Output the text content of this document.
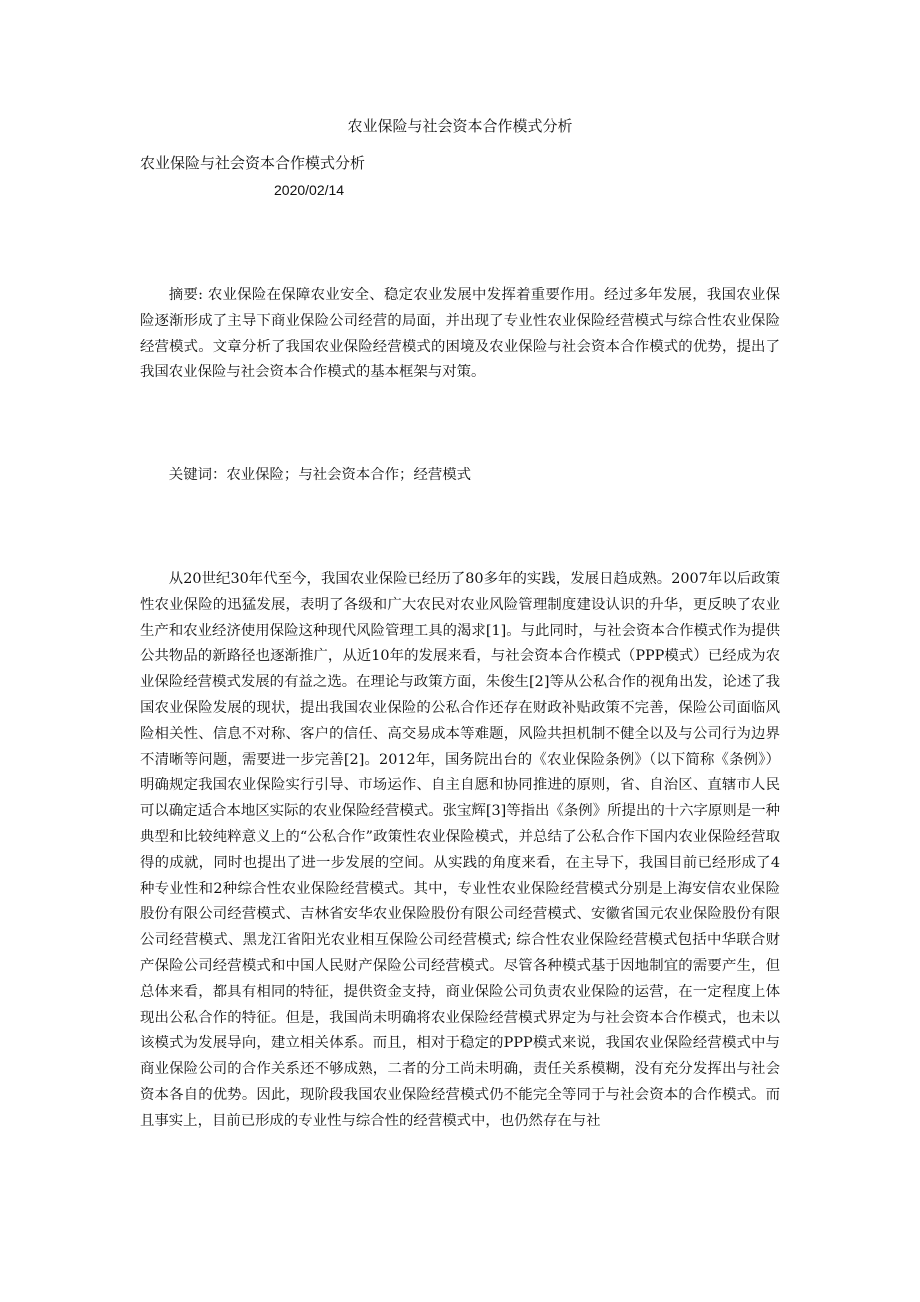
农业保险与社会资本合作模式分析
农业保险与社会资本合作模式分析
2020/02/14

摘要: 农业保险在保障农业安全、稳定农业发展中发挥着重要作用。经过多年发展，我国农业保险逐渐形成了主导下商业保险公司经营的局面，并出现了专业性农业保险经营模式与综合性农业保险经营模式。文章分析了我国农业保险经营模式的困境及农业保险与社会资本合作模式的优势，提出了我国农业保险与社会资本合作模式的基本框架与对策。

关键词：农业保险；与社会资本合作；经营模式

从20世纪30年代至今，我国农业保险已经历了80多年的实践，发展日趋成熟。2007年以后政策性农业保险的迅猛发展，表明了各级和广大农民对农业风险管理制度建设认识的升华，更反映了农业生产和农业经济使用保险这种现代风险管理工具的渴求[1]。与此同时，与社会资本合作模式作为提供公共物品的新路径也逐渐推广，从近10年的发展来看，与社会资本合作模式（PPP模式）已经成为农业保险经营模式发展的有益之选。在理论与政策方面，朱俊生[2]等从公私合作的视角出发，论述了我国农业保险发展的现状，提出我国农业保险的公私合作还存在财政补贴政策不完善，保险公司面临风险相关性、信息不对称、客户的信任、高交易成本等难题，风险共担机制不健全以及与公司行为边界不清晰等问题，需要进一步完善[2]。2012年，国务院出台的《农业保险条例》（以下简称《条例》）明确规定我国农业保险实行引导、市场运作、自主自愿和协同推进的原则，省、自治区、直辖市人民可以确定适合本地区实际的农业保险经营模式。张宝辉[3]等指出《条例》所提出的十六字原则是一种典型和比较纯粹意义上的“公私合作”政策性农业保险模式，并总结了公私合作下国内农业保险经营取得的成就，同时也提出了进一步发展的空间。从实践的角度来看，在主导下，我国目前已经形成了4种专业性和2种综合性农业保险经营模式。其中，专业性农业保险经营模式分别是上海安信农业保险股份有限公司经营模式、吉林省安华农业保险股份有限公司经营模式、安徽省国元农业保险股份有限公司经营模式、黑龙江省阳光农业相互保险公司经营模式; 综合性农业保险经营模式包括中华联合财产保险公司经营模式和中国人民财产保险公司经营模式。尽管各种模式基于因地制宜的需要产生，但总体来看，都具有相同的特征，提供资金支持，商业保险公司负责农业保险的运营，在一定程度上体现出公私合作的特征。但是，我国尚未明确将农业保险经营模式界定为与社会资本合作模式，也未以该模式为发展导向，建立相关体系。而且，相对于稳定的PPP模式来说，我国农业保险经营模式中与商业保险公司的合作关系还不够成熟，二者的分工尚未明确，责任关系模糊，没有充分发挥出与社会资本各自的优势。因此，现阶段我国农业保险经营模式仍不能完全等同于与社会资本的合作模式。而且事实上，目前已形成的专业性与综合性的经营模式中，也仍然存在与社
